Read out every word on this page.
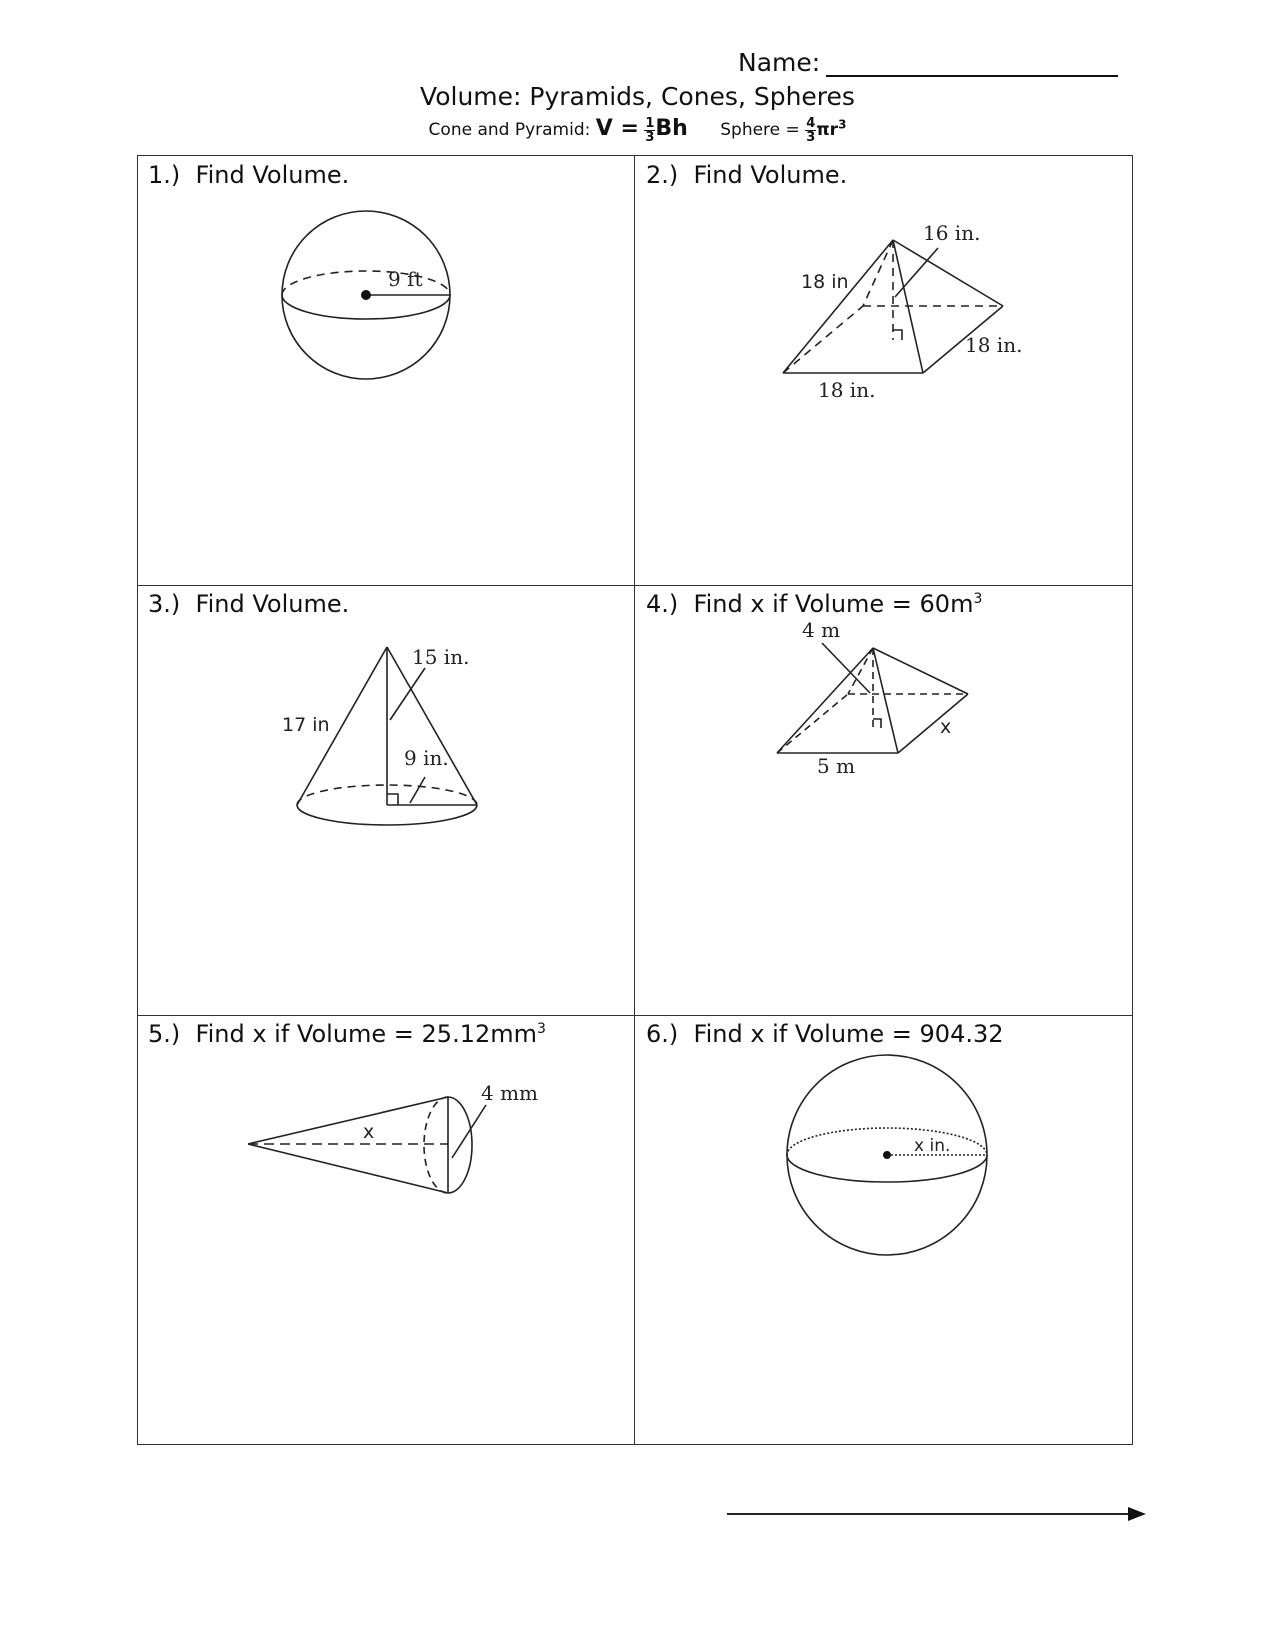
Name:
Volume: Pyramids, Cones, Spheres
Cone and Pyramid: $V = \frac{1}{3}$ Bh Sphere = $\frac{4}{3} \pi r^3$
1.) Find Volume.	2.) Find Volume.
3.) Find Volume.	4.) Find x if Volume = $60m^3$
5.) Find x if Volume = $25.12mm^3$	6.) Find x if Volume = 904.32
9 ft
16 in.
18 in
18 in.
18 in.
15 in.
17 in
9 in.
4 m
x
5 m
4 mm
x
x in.
